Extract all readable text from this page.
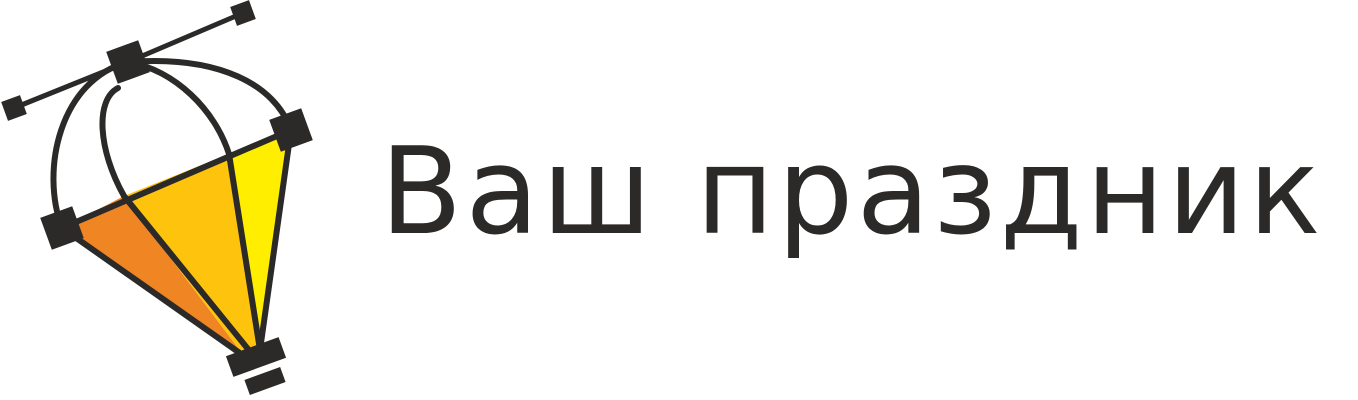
Ваш праздник
